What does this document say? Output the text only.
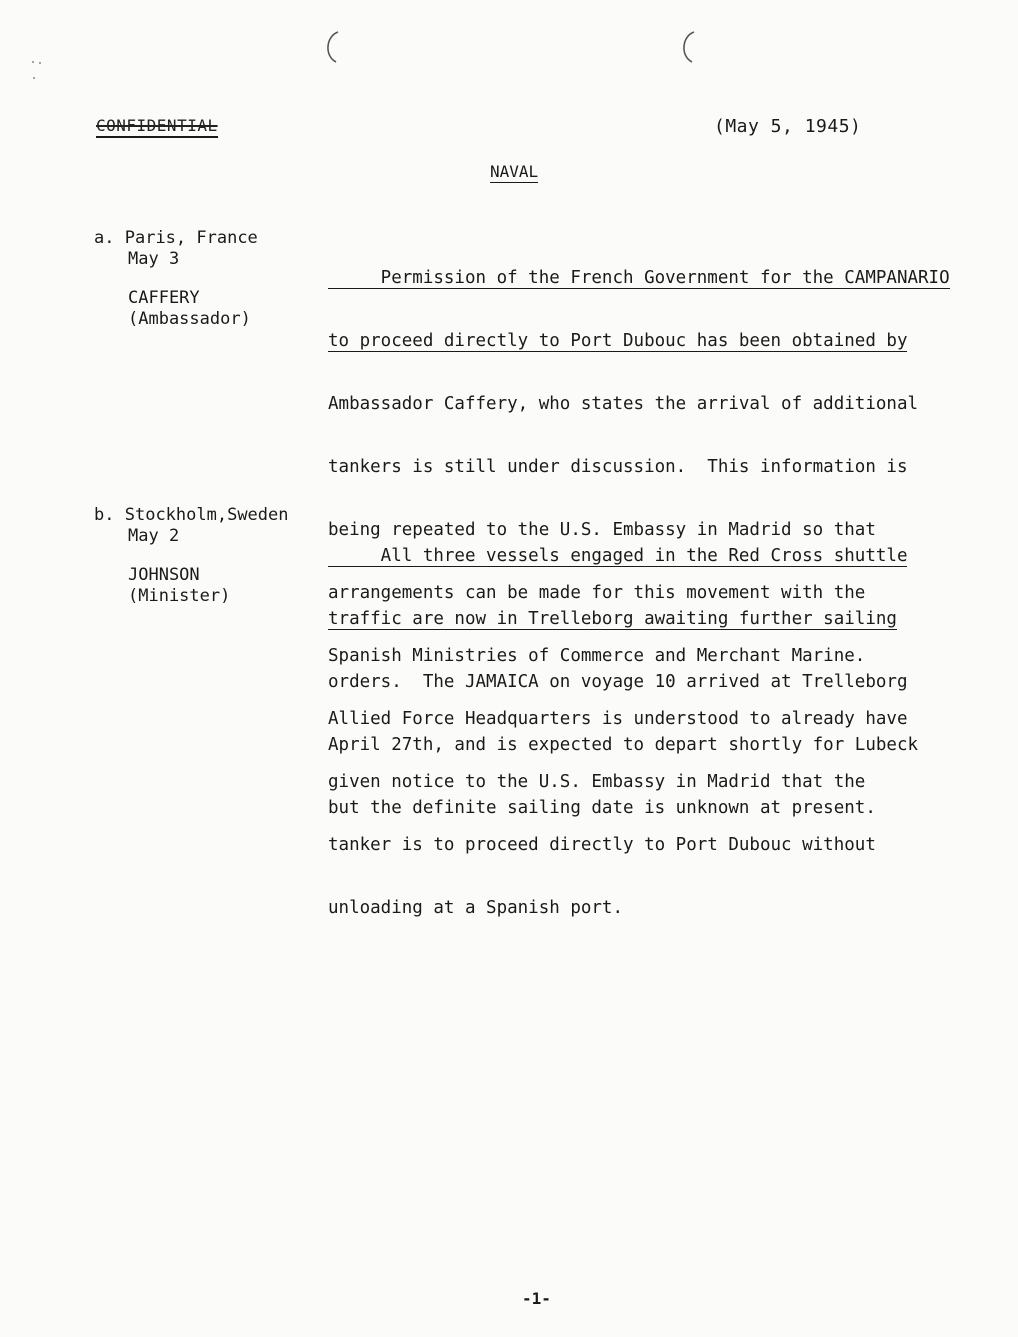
CONFIDENTIAL	(May 5, 1945)
NAVAL
a. Paris, France
May 3
CAFFERY
(Ambassador)

Permission of the French Government for the CAMPANARIO

to proceed directly to Port Dubouc has been obtained by

Ambassador Caffery, who states the arrival of additional

tankers is still under discussion.  This information is

being repeated to the U.S. Embassy in Madrid so that

arrangements can be made for this movement with the

Spanish Ministries of Commerce and Merchant Marine.

Allied Force Headquarters is understood to already have

given notice to the U.S. Embassy in Madrid that the

tanker is to proceed directly to Port Dubouc without

unloading at a Spanish port.

b. Stockholm,Sweden
May 2
JOHNSON
(Minister)

All three vessels engaged in the Red Cross shuttle

traffic are now in Trelleborg awaiting further sailing

orders.  The JAMAICA on voyage 10 arrived at Trelleborg

April 27th, and is expected to depart shortly for Lubeck

but the definite sailing date is unknown at present.

-1-
